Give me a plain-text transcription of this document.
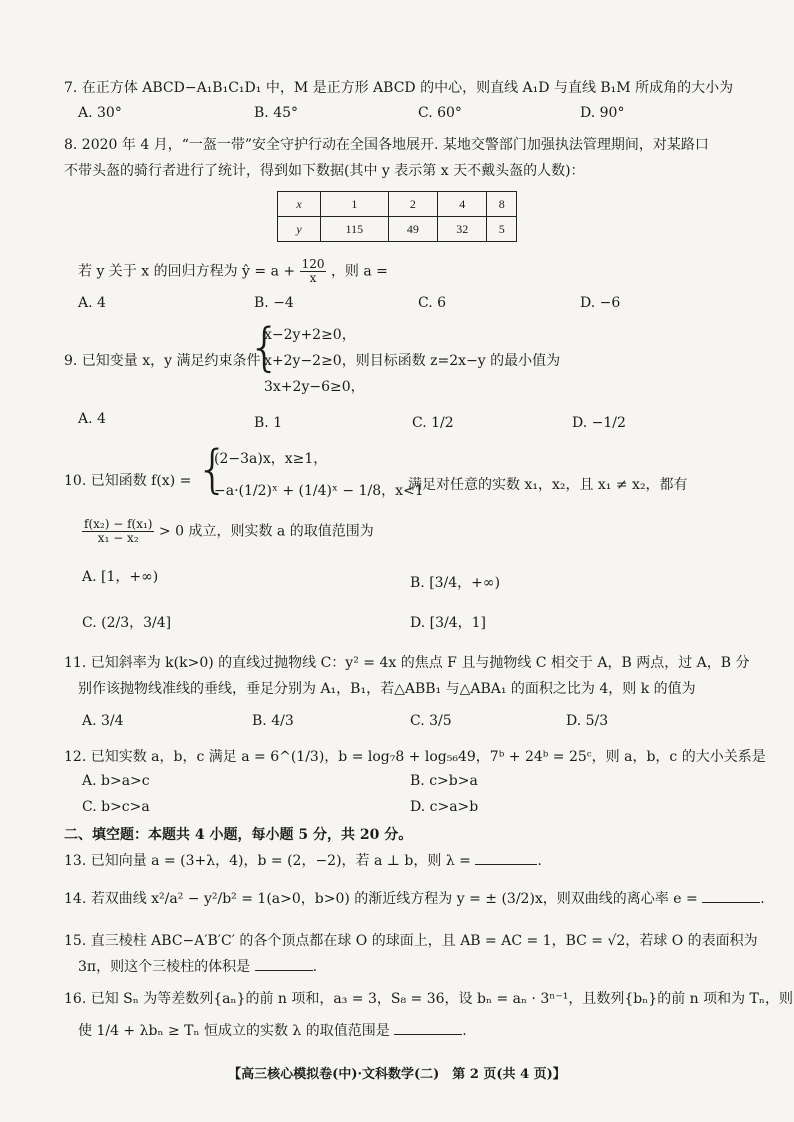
7. 在正方体 ABCD−A₁B₁C₁D₁ 中，M 是正方形 ABCD 的中心，则直线 A₁D 与直线 B₁M 所成角的大小为
A. 30°	B. 45°	C. 60°	D. 90°
8. 2020 年 4 月，“一盔一带”安全守护行动在全国各地展开. 某地交警部门加强执法管理期间，对某路口
不带头盔的骑行者进行了统计，得到如下数据(其中 y 表示第 x 天不戴头盔的人数)：
x	1	2	4	8
y	115	49	32	5
若 y 关于 x 的回归方程为 ŷ = $a + \frac{120}{x}$ ，则 a =
A. 4	B. −4	C. 6	D. −6
9. 已知变量 x，y 满足约束条件
{
x−2y+2≥0，
x+2y−2≥0，则目标函数 z=2x−y 的最小值为
3x+2y−6≥0，
A. 4	B. 1	C. 1/2	D. −1/2
10. 已知函数 f(x) = {
(2−3a)x，x≥1，
−a·(1/2)ˣ + (1/4)ˣ − 1/8，x<1
满足对任意的实数 x₁，x₂，且 x₁ ≠ x₂，都有
$\frac{\text{f(x₂) − f(x₁)}}{\text{x₁ − x₂}} > 0$ 成立，则实数 a 的取值范围为
A. [1，+∞)	B. [3/4，+∞)
C. (2/3，3/4]	D. [3/4，1]
11. 已知斜率为 k(k>0) 的直线过抛物线 C：y² = 4x 的焦点 F 且与抛物线 C 相交于 A，B 两点，过 A，B 分
别作该抛物线准线的垂线，垂足分别为 A₁，B₁，若△ABB₁ 与△ABA₁ 的面积之比为 4，则 k 的值为
A. 3/4	B. 4/3	C. 3/5	D. 5/3
12. 已知实数 a，b，c 满足 a = 6^(1/3)，b = log₇8 + log₅₆49，7ᵇ + 24ᵇ = 25ᶜ，则 a，b，c 的大小关系是
A. b>a>c	B. c>b>a
C. b>c>a	D. c>a>b
二、填空题：本题共 4 小题，每小题 5 分，共 20 分。
13. 已知向量 a = (3+λ，4)，b = (2，−2)，若 a ⊥ b，则 λ =	.
14. 若双曲线 x²/a² − y²/b² = 1(a>0，b>0) 的渐近线方程为 y = ± (3/2)x，则双曲线的离心率 e =	.
15. 直三棱柱 ABC−A′B′C′ 的各个顶点都在球 O 的球面上，且 AB = AC = 1，BC = √2，若球 O 的表面积为
3π，则这个三棱柱的体积是	.
16. 已知 Sₙ 为等差数列{aₙ}的前 n 项和，a₃ = 3，S₈ = 36，设 bₙ = aₙ · 3ⁿ⁻¹，且数列{bₙ}的前 n 项和为 Tₙ，则
使 1/4 + λbₙ ≥ Tₙ 恒成立的实数 λ 的取值范围是	.
【高三核心模拟卷(中)·文科数学(二)　第 2 页(共 4 页)】
